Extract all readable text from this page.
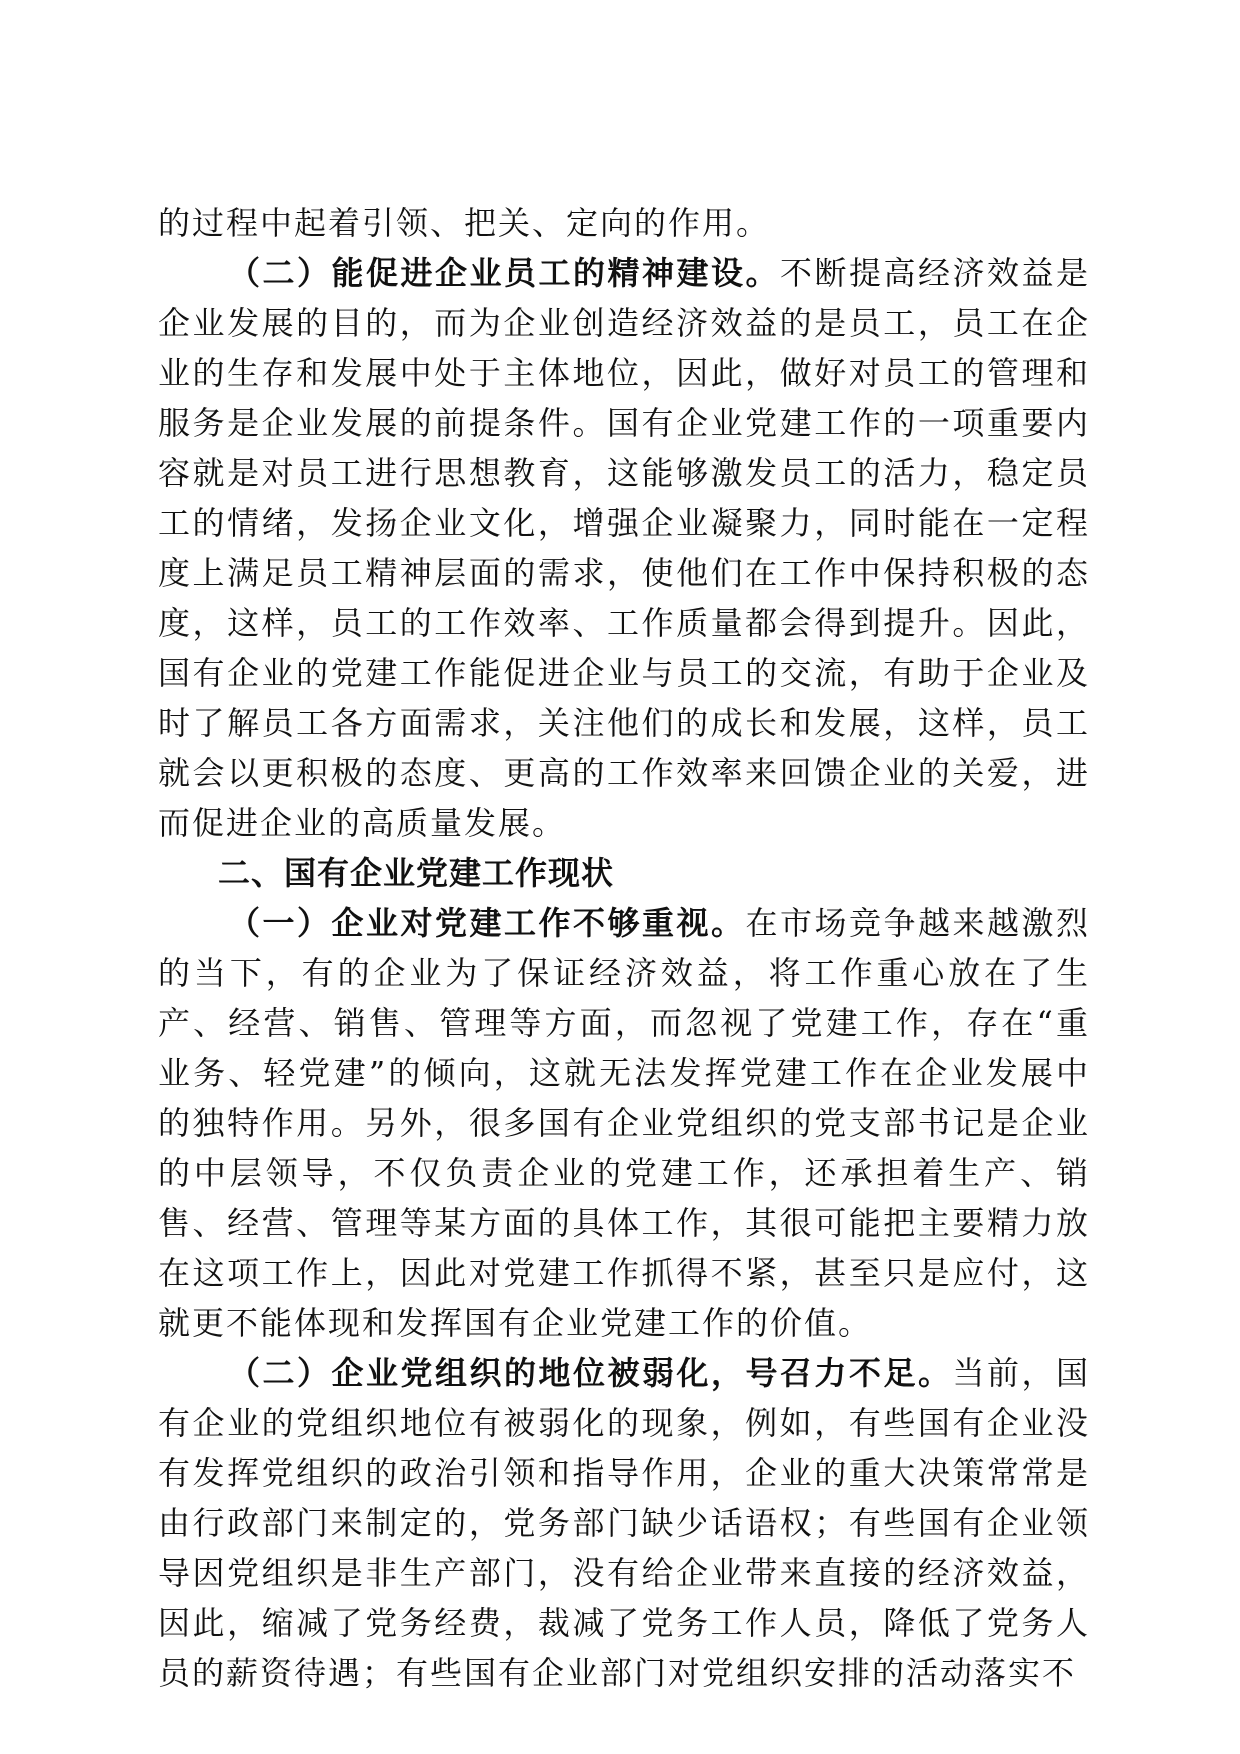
的过程中起着引领、把关、定向的作用。

（二）能促进企业员工的精神建设。不断提高经济效益是企业发展的目的，而为企业创造经济效益的是员工，员工在企业的生存和发展中处于主体地位，因此，做好对员工的管理和服务是企业发展的前提条件。国有企业党建工作的一项重要内容就是对员工进行思想教育，这能够激发员工的活力，稳定员工的情绪，发扬企业文化，增强企业凝聚力，同时能在一定程度上满足员工精神层面的需求，使他们在工作中保持积极的态度，这样，员工的工作效率、工作质量都会得到提升。因此，国有企业的党建工作能促进企业与员工的交流，有助于企业及时了解员工各方面需求，关注他们的成长和发展，这样，员工就会以更积极的态度、更高的工作效率来回馈企业的关爱，进而促进企业的高质量发展。

二、国有企业党建工作现状

（一）企业对党建工作不够重视。在市场竞争越来越激烈的当下，有的企业为了保证经济效益，将工作重心放在了生产、经营、销售、管理等方面，而忽视了党建工作，存在“重业务、轻党建”的倾向，这就无法发挥党建工作在企业发展中的独特作用。另外，很多国有企业党组织的党支部书记是企业的中层领导，不仅负责企业的党建工作，还承担着生产、销售、经营、管理等某方面的具体工作，其很可能把主要精力放在这项工作上，因此对党建工作抓得不紧，甚至只是应付，这就更不能体现和发挥国有企业党建工作的价值。

（二）企业党组织的地位被弱化，号召力不足。当前，国有企业的党组织地位有被弱化的现象，例如，有些国有企业没有发挥党组织的政治引领和指导作用，企业的重大决策常常是由行政部门来制定的，党务部门缺少话语权；有些国有企业领导因党组织是非生产部门，没有给企业带来直接的经济效益，因此，缩减了党务经费，裁减了党务工作人员，降低了党务人员的薪资待遇；有些国有企业部门对党组织安排的活动落实不
